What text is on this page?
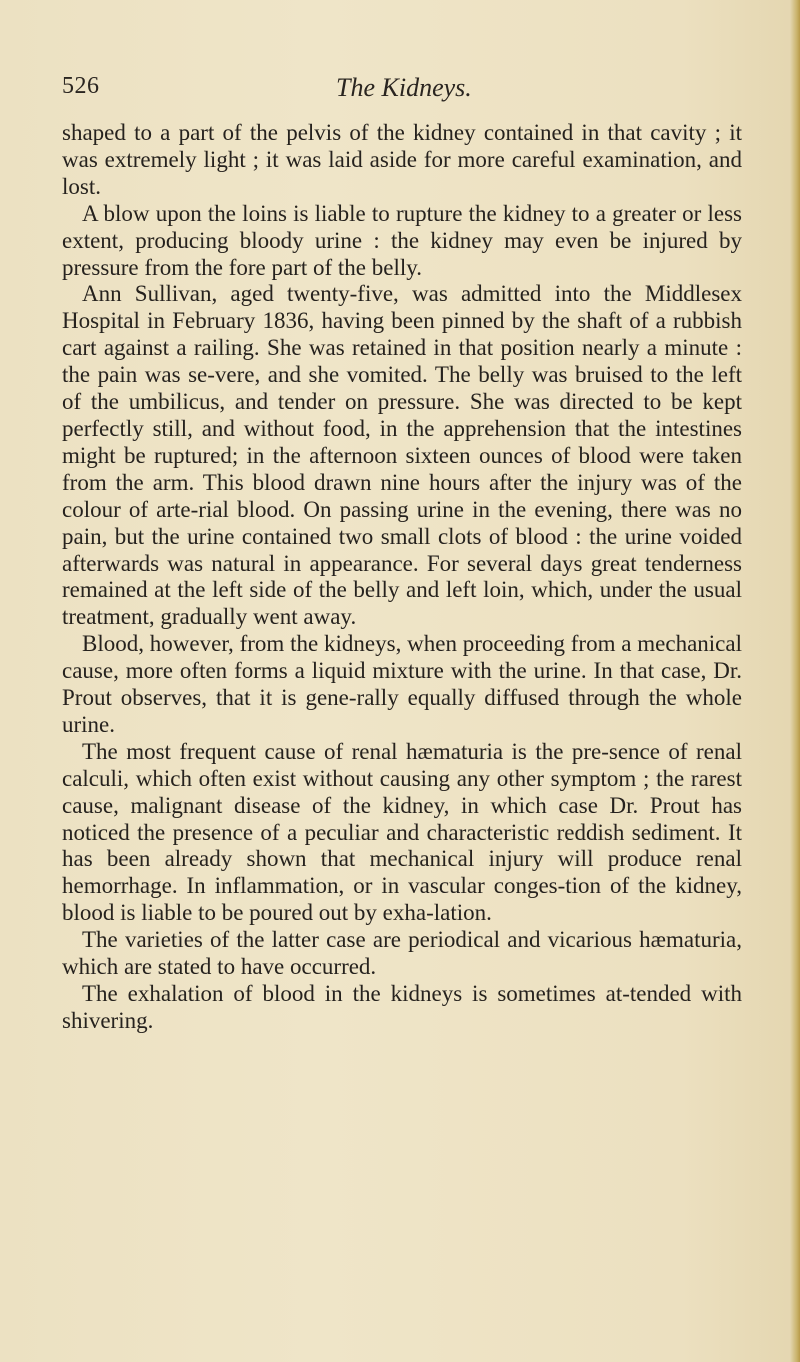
526	The Kidneys.

shaped to a part of the pelvis of the kidney contained in that cavity ; it was extremely light ; it was laid aside for more careful examination, and lost.

A blow upon the loins is liable to rupture the kidney to a greater or less extent, producing bloody urine : the kidney may even be injured by pressure from the fore part of the belly.

Ann Sullivan, aged twenty-five, was admitted into the Middlesex Hospital in February 1836, having been pinned by the shaft of a rubbish cart against a railing. She was retained in that position nearly a minute : the pain was se-vere, and she vomited. The belly was bruised to the left of the umbilicus, and tender on pressure. She was directed to be kept perfectly still, and without food, in the apprehension that the intestines might be ruptured; in the afternoon sixteen ounces of blood were taken from the arm. This blood drawn nine hours after the injury was of the colour of arte-rial blood. On passing urine in the evening, there was no pain, but the urine contained two small clots of blood : the urine voided afterwards was natural in appearance. For several days great tenderness remained at the left side of the belly and left loin, which, under the usual treatment, gradually went away.

Blood, however, from the kidneys, when proceeding from a mechanical cause, more often forms a liquid mixture with the urine. In that case, Dr. Prout observes, that it is gene-rally equally diffused through the whole urine.

The most frequent cause of renal hæmaturia is the pre-sence of renal calculi, which often exist without causing any other symptom ; the rarest cause, malignant disease of the kidney, in which case Dr. Prout has noticed the presence of a peculiar and characteristic reddish sediment. It has been already shown that mechanical injury will produce renal hemorrhage. In inflammation, or in vascular conges-tion of the kidney, blood is liable to be poured out by exha-lation.

The varieties of the latter case are periodical and vicarious hæmaturia, which are stated to have occurred.

The exhalation of blood in the kidneys is sometimes at-tended with shivering.
